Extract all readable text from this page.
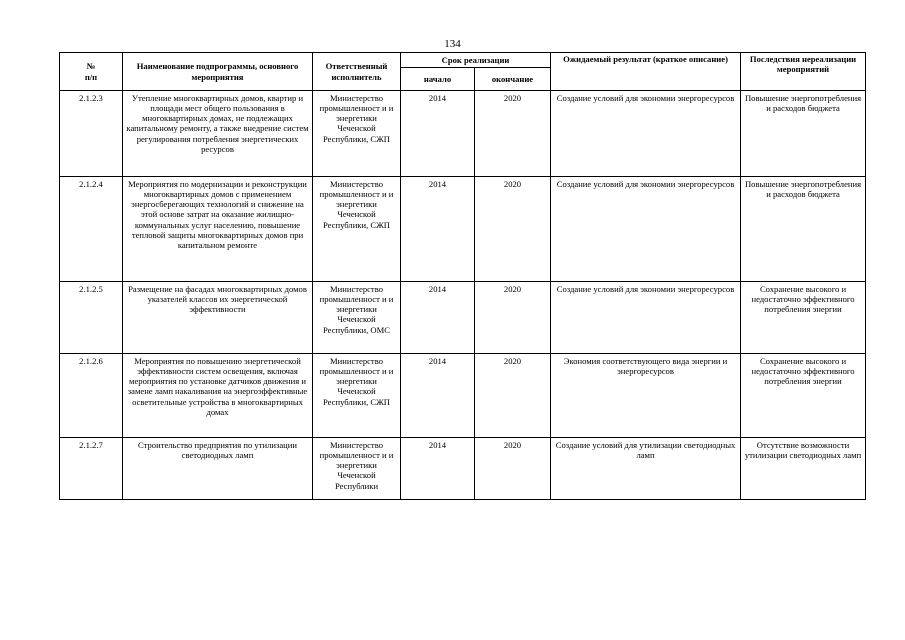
134
№
п/п	Наименование подпрограммы, основного мероприятия	Ответственный исполнитель	Срок реализации		Ожидаемый результат (краткое описание)	Последствия нереализации мероприятий
			начало	окончание		
2.1.2.3	Утепление многоквартирных домов, квартир и площади мест общего пользования в многоквартирных домах, не подлежащих капитальному ремонту, а также внедрение систем регулирования потребления энергетических ресурсов	Министерство промышленност и и энергетики Чеченской Республики, СЖП	2014	2020	Создание условий для экономии энергоресурсов	Повышение энергопотребления и расходов бюджета
2.1.2.4	Мероприятия по модернизации и реконструкции многоквартирных домов с применением энергосберегающих технологий и снижение на этой основе затрат на оказание жилищно-коммунальных услуг населению, повышение тепловой защиты многоквартирных домов при капитальном ремонте	Министерство промышленност и и энергетики Чеченской Республики, СЖП	2014	2020	Создание условий для экономии энергоресурсов	Повышение энергопотребления и расходов бюджета
2.1.2.5	Размещение на фасадах многоквартирных домов указателей классов их энергетической эффективности	Министерство промышленност и и энергетики Чеченской Республики, ОМС	2014	2020	Создание условий для экономии энергоресурсов	Сохранение высокого и недостаточно эффективного потребления энергии
2.1.2.6	Мероприятия по повышению энергетической эффективности систем освещения, включая мероприятия по установке датчиков движения и замене ламп накаливания на энергоэффективные осветительные устройства в многоквартирных домах	Министерство промышленност и и энергетики Чеченской Республики, СЖП	2014	2020	Экономия соответствующего вида энергии и энергоресурсов	Сохранение высокого и недостаточно эффективного потребления энергии
2.1.2.7	Строительство предприятия по утилизации светодиодных ламп	Министерство промышленност и и энергетики Чеченской Республики	2014	2020	Создание условий для утилизации светодиодных ламп	Отсутствие возможности утилизации светодиодных ламп
